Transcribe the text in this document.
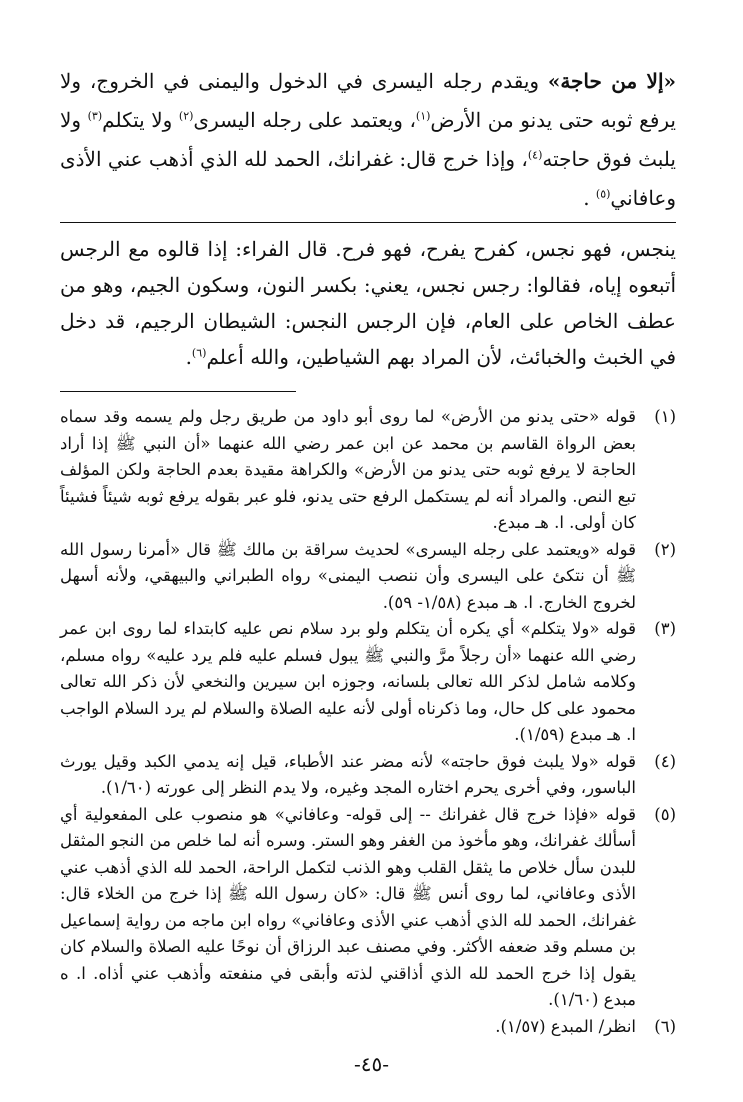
«إلا من حاجة» ويقدم رجله اليسرى في الدخول واليمنى في الخروج، ولا يرفع ثوبه حتى يدنو من الأرض$^{(١)}$، ويعتمد على رجله اليسرى$^{(٢)}$ ولا يتكلم$^{(٣)}$ ولا يلبث فوق حاجته$^{(٤)}$، وإذا خرج قال: غفرانك، الحمد لله الذي أذهب عني الأذى وعافاني$^{(٥)}$ .

ينجس، فهو نجس، كفرح يفرح، فهو فرح. قال الفراء: إذا قالوه مع الرجس أتبعوه إياه، فقالوا: رجس نجس، يعني: بكسر النون، وسكون الجيم، وهو من عطف الخاص على العام، فإن الرجس النجس: الشيطان الرجيم، قد دخل في الخبث والخبائث، لأن المراد بهم الشياطين، والله أعلم$^{(٦)}$.

(١)
قوله «حتى يدنو من الأرض» لما روى أبو داود من طريق رجل ولم يسمه وقد سماه بعض الرواة القاسم بن محمد عن ابن عمر رضي الله عنهما «أن النبي ﷺ إذا أراد الحاجة لا يرفع ثوبه حتى يدنو من الأرض» والكراهة مقيدة بعدم الحاجة ولكن المؤلف تبع النص. والمراد أنه لم يستكمل الرفع حتى يدنو، فلو عبر بقوله يرفع ثوبه شيئاً فشيئاً كان أولى. ا. هـ مبدع.

(٢)
قوله «ويعتمد على رجله اليسرى» لحديث سراقة بن مالك ﷺ قال «أمرنا رسول الله ﷺ أن نتكئ على اليسرى وأن ننصب اليمنى» رواه الطبراني والبيهقي، ولأنه أسهل لخروج الخارج. ا. هـ مبدع (١/٥٨- ٥٩).

(٣)
قوله «ولا يتكلم» أي يكره أن يتكلم ولو برد سلام نص عليه كابتداء لما روى ابن عمر رضي الله عنهما «أن رجلاً مرَّ والنبي ﷺ يبول فسلم عليه فلم يرد عليه» رواه مسلم، وكلامه شامل لذكر الله تعالى بلسانه، وجوزه ابن سيرين والنخعي لأن ذكر الله تعالى محمود على كل حال، وما ذكرناه أولى لأنه عليه الصلاة والسلام لم يرد السلام الواجب ا. هـ مبدع (١/٥٩).

(٤)
قوله «ولا يلبث فوق حاجته» لأنه مضر عند الأطباء، قيل إنه يدمي الكبد وقيل يورث الباسور، وفي أخرى يحرم اختاره المجد وغيره، ولا يدم النظر إلى عورته (١/٦٠).

(٥)
قوله «فإذا خرج قال غفرانك -- إلى قوله- وعافاني» هو منصوب على المفعولية أي أسألك غفرانك، وهو مأخوذ من الغفر وهو الستر. وسره أنه لما خلص من النجو المثقل للبدن سأل خلاص ما يثقل القلب وهو الذنب لتكمل الراحة، الحمد لله الذي أذهب عني الأذى وعافاني، لما روى أنس ﷺ قال: «كان رسول الله ﷺ إذا خرج من الخلاء قال: غفرانك، الحمد لله الذي أذهب عني الأذى وعافاني» رواه ابن ماجه من رواية إسماعيل بن مسلم وقد ضعفه الأكثر. وفي مصنف عبد الرزاق أن نوحًا عليه الصلاة والسلام كان يقول إذا خرج الحمد لله الذي أذاقني لذته وأبقى في منفعته وأذهب عني أذاه. ا. ه مبدع (١/٦٠).

(٦)
انظر/ المبدع (١/٥٧).

-٤٥-
